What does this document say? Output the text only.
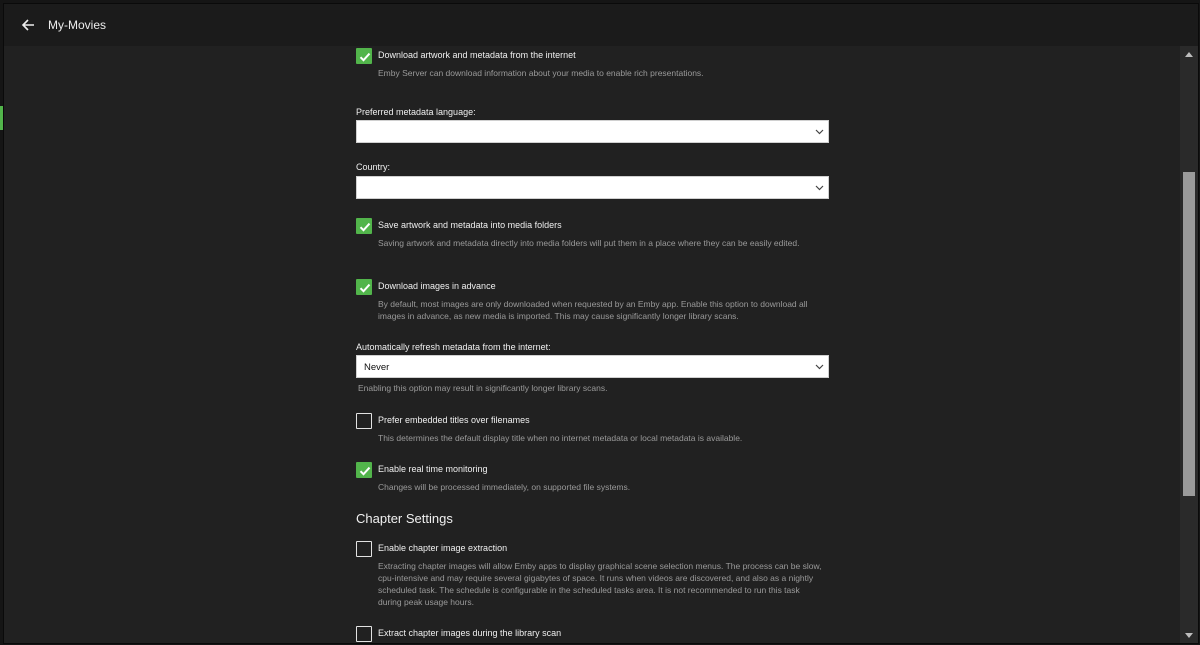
My-Movies
Download artwork and metadata from the internet
Emby Server can download information about your media to enable rich presentations.
Preferred metadata language:
Country:
Save artwork and metadata into media folders
Saving artwork and metadata directly into media folders will put them in a place where they can be easily edited.
Download images in advance
By default, most images are only downloaded when requested by an Emby app. Enable this option to download all images in advance, as new media is imported. This may cause significantly longer library scans.
Automatically refresh metadata from the internet:
Never
Enabling this option may result in significantly longer library scans.
Prefer embedded titles over filenames
This determines the default display title when no internet metadata or local metadata is available.
Enable real time monitoring
Changes will be processed immediately, on supported file systems.
Chapter Settings
Enable chapter image extraction
Extracting chapter images will allow Emby apps to display graphical scene selection menus. The process can be slow, cpu-intensive and may require several gigabytes of space. It runs when videos are discovered, and also as a nightly scheduled task. The schedule is configurable in the scheduled tasks area. It is not recommended to run this task during peak usage hours.
Extract chapter images during the library scan
